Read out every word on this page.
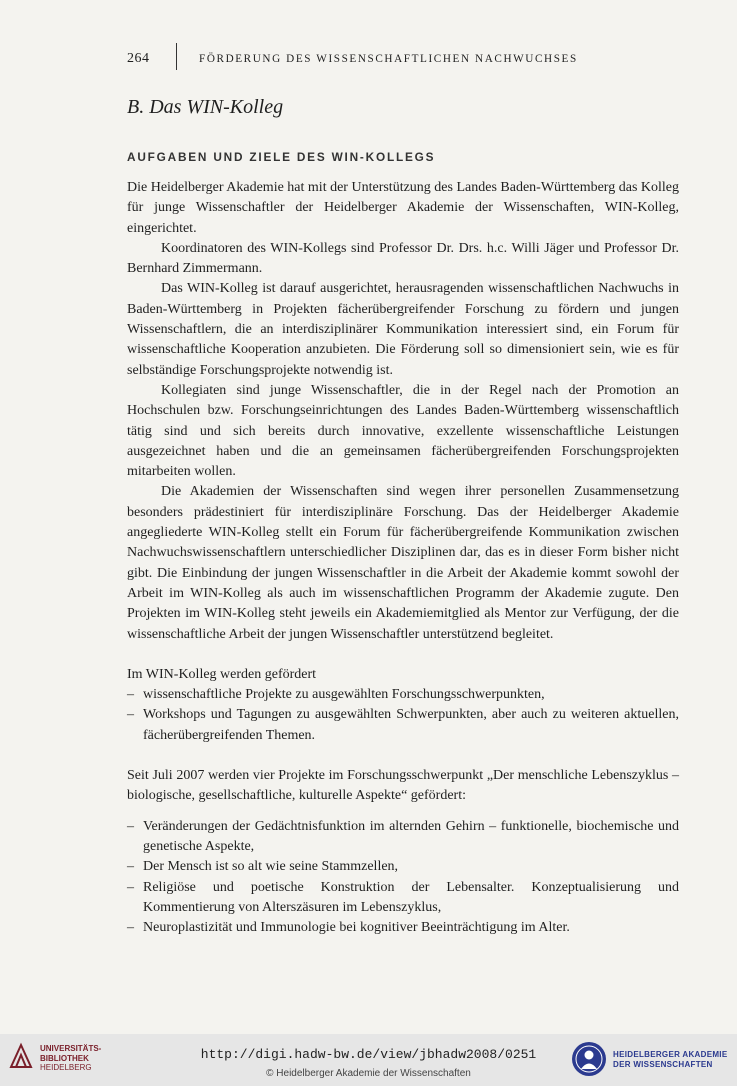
264	FÖRDERUNG DES WISSENSCHAFTLICHEN NACHWUCHSES
B. Das WIN-Kolleg
AUFGABEN UND ZIELE DES WIN-KOLLEGS

Die Heidelberger Akademie hat mit der Unterstützung des Landes Baden-Württemberg das Kolleg für junge Wissenschaftler der Heidelberger Akademie der Wissenschaften, WIN-Kolleg, eingerichtet.

Koordinatoren des WIN-Kollegs sind Professor Dr. Drs. h.c. Willi Jäger und Professor Dr. Bernhard Zimmermann.

Das WIN-Kolleg ist darauf ausgerichtet, herausragenden wissenschaftlichen Nachwuchs in Baden-Württemberg in Projekten fächerübergreifender Forschung zu fördern und jungen Wissenschaftlern, die an interdisziplinärer Kommunikation interessiert sind, ein Forum für wissenschaftliche Kooperation anzubieten. Die Förderung soll so dimensioniert sein, wie es für selbständige Forschungsprojekte notwendig ist.

Kollegiaten sind junge Wissenschaftler, die in der Regel nach der Promotion an Hochschulen bzw. Forschungseinrichtungen des Landes Baden-Württemberg wissenschaftlich tätig sind und sich bereits durch innovative, exzellente wissenschaftliche Leistungen ausgezeichnet haben und die an gemeinsamen fächerübergreifenden Forschungsprojekten mitarbeiten wollen.

Die Akademien der Wissenschaften sind wegen ihrer personellen Zusammensetzung besonders prädestiniert für interdisziplinäre Forschung. Das der Heidelberger Akademie angegliederte WIN-Kolleg stellt ein Forum für fächerübergreifende Kommunikation zwischen Nachwuchswissenschaftlern unterschiedlicher Disziplinen dar, das es in dieser Form bisher nicht gibt. Die Einbindung der jungen Wissenschaftler in die Arbeit der Akademie kommt sowohl der Arbeit im WIN-Kolleg als auch im wissenschaftlichen Programm der Akademie zugute. Den Projekten im WIN-Kolleg steht jeweils ein Akademiemitglied als Mentor zur Verfügung, der die wissenschaftliche Arbeit der jungen Wissenschaftler unterstützend begleitet.

Im WIN-Kolleg werden gefördert

– wissenschaftliche Projekte zu ausgewählten Forschungsschwerpunkten,
– Workshops und Tagungen zu ausgewählten Schwerpunkten, aber auch zu weiteren aktuellen, fächerübergreifenden Themen.

Seit Juli 2007 werden vier Projekte im Forschungsschwerpunkt „Der menschliche Lebenszyklus – biologische, gesellschaftliche, kulturelle Aspekte“ gefördert:

– Veränderungen der Gedächtnisfunktion im alternden Gehirn – funktionelle, biochemische und genetische Aspekte,
– Der Mensch ist so alt wie seine Stammzellen,
– Religiöse und poetische Konstruktion der Lebensalter. Konzeptualisierung und Kommentierung von Alterszäsuren im Lebenszyklus,
– Neuroplastizität und Immunologie bei kognitiver Beeinträchtigung im Alter.
UNIVERSITÄTS-
BIBLIOTHEK
HEIDELBERG
http://digi.hadw-bw.de/view/jbhadw2008/0251
© Heidelberger Akademie der Wissenschaften
HEIDELBERGER AKADEMIE
DER WISSENSCHAFTEN
